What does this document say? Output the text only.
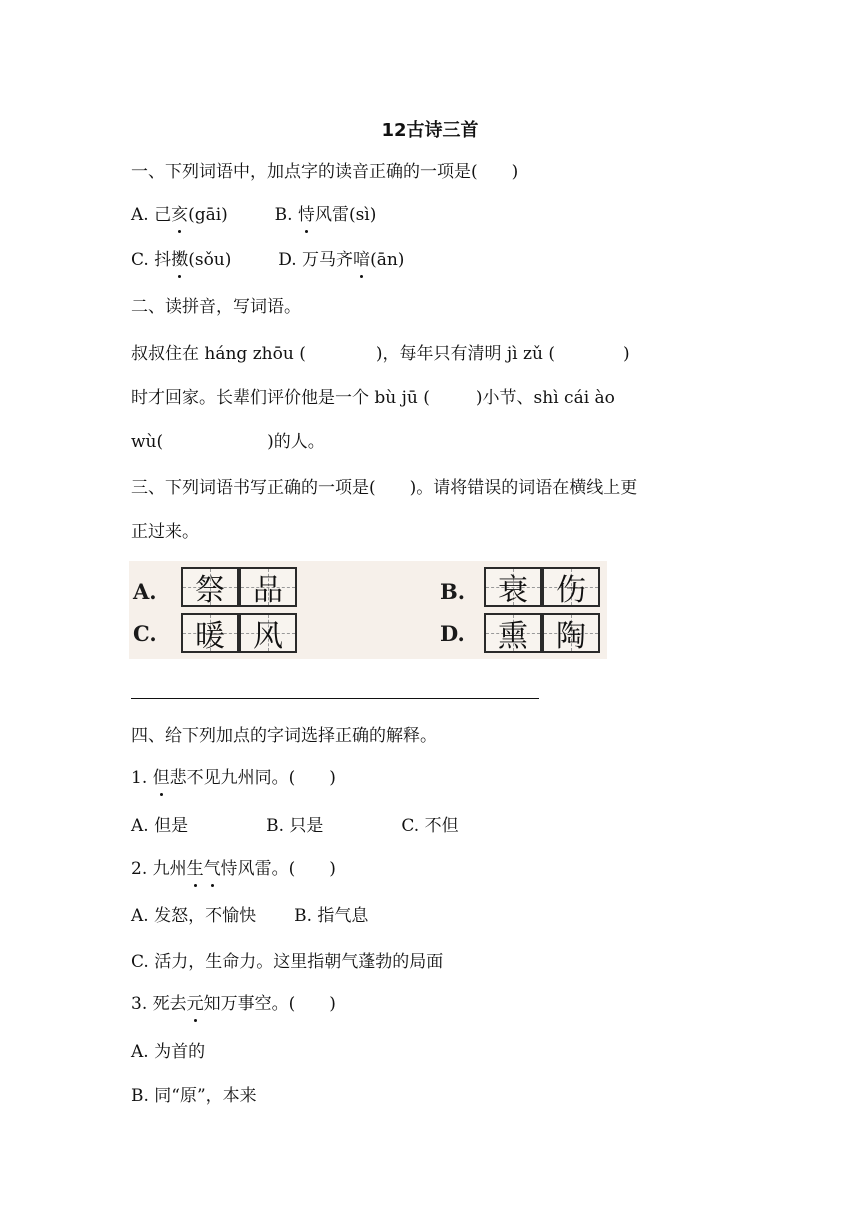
12古诗三首
一、下列词语中，加点字的读音正确的一项是(　　)
A. 己亥(gāi)	B. 恃风雷(sì)
C. 抖擞(sǒu)	D. 万马齐喑(ān)
二、读拼音，写词语。
叔叔住在 háng zhōu (	)，每年只有清明 jì zǔ (	)
时才回家。长辈们评价他是一个 bù jū (	)小节、shì cái ào
wù(	)的人。
三、下列词语书写正确的一项是(　　)。请将错误的词语在横线上更
正过来。
A. 祭 品	B. 衰 伤
C. 暖 风	D. 熏 陶
四、给下列加点的字词选择正确的解释。
1. 但悲不见九州同。(　　)
A. 但是	B. 只是	C. 不但
2. 九州生气恃风雷。(　　)
A. 发怒，不愉快 B. 指气息
C. 活力，生命力。这里指朝气蓬勃的局面
3. 死去元知万事空。(　　)
A. 为首的
B. 同“原”，本来
